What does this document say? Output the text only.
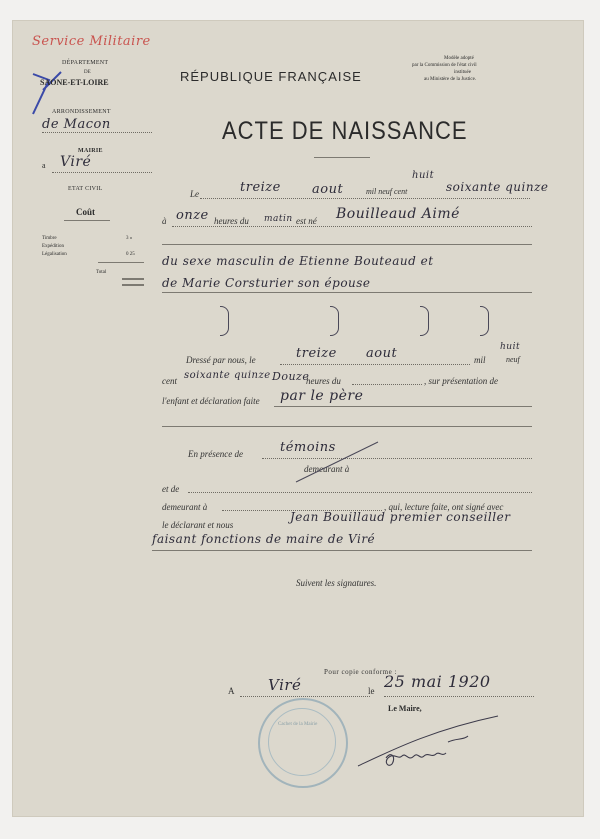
Service Militaire
DÉPARTEMENT
DE
SAONE-ET-LOIRE
ARRONDISSEMENT
de Macon
MAIRIE
a Viré
ETAT CIVIL
Coût
Timbre	3 »
Expédition
Légalisation	0 25
Total
RÉPUBLIQUE FRANÇAISE
Modèle adopté
par la Commission de l'état civil
instituée
au Ministère de la Justice.
ACTE DE NAISSANCE
Le	treize aout	mil neuf cent
huit
soixante quinze
à onze heures du matin est né Bouilleaud Aimé
du sexe masculin de Etienne Bouteaud et
de Marie Corsturier son épouse
Dressé par nous, le	treize aout	mil
huit
neuf
cent soixante quinze Douze
heures du	, sur présentation de
l'enfant et déclaration faite par le père
En présence de	témoins
demeurant à
et de
demeurant à	, qui, lecture faite, ont signé avec
le déclarant et nous
Jean Bouillaud premier conseiller
faisant fonctions de maire de Viré
Suivent les signatures.
Pour copie conforme :
A Viré	le 25 mai 1920
Le Maire,
Cachet de la Mairie
